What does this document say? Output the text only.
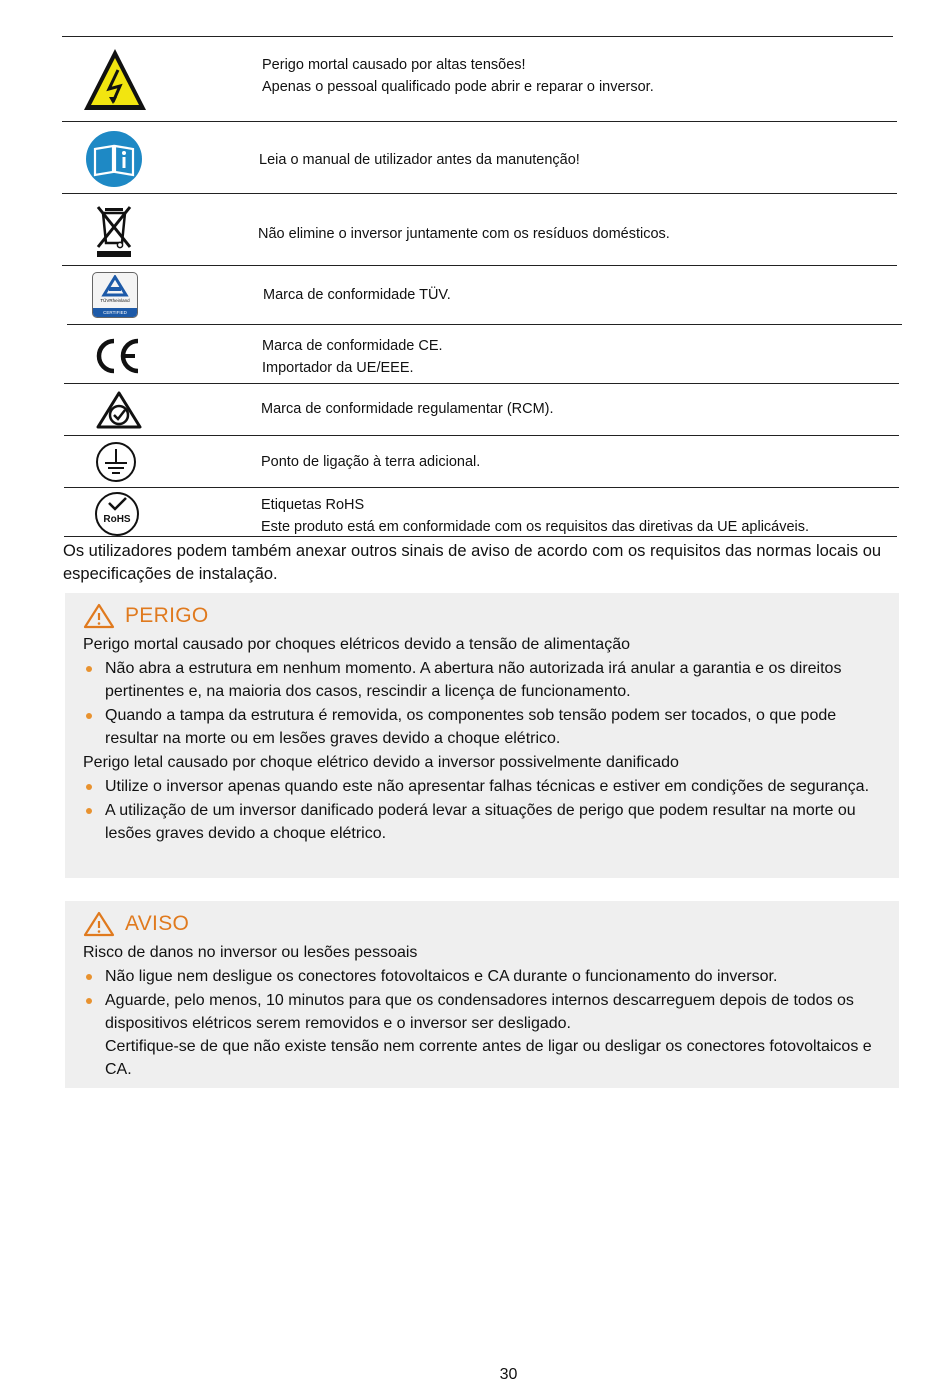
Perigo mortal causado por altas tensões!
Apenas o pessoal qualificado pode abrir e reparar o inversor.
Leia o manual de utilizador antes da manutenção!
Não elimine o inversor juntamente com os resíduos domésticos.
TÜVRheinland
CERTIFIED
Marca de conformidade TÜV.
Marca de conformidade CE.
Importador da UE/EEE.
Marca de conformidade regulamentar (RCM).
Ponto de ligação à terra adicional.
RoHS
Etiquetas RoHS
Este produto está em conformidade com os requisitos das diretivas da UE aplicáveis.
Os utilizadores podem também anexar outros sinais de aviso de acordo com os requisitos das normas locais ou especificações de instalação.
PERIGO
Perigo mortal causado por choques elétricos devido a tensão de alimentação
Não abra a estrutura em nenhum momento. A abertura não autorizada irá anular a garantia e os direitos pertinentes e, na maioria dos casos, rescindir a licença de funcionamento.
Quando a tampa da estrutura é removida, os componentes sob tensão podem ser tocados, o que pode resultar na morte ou em lesões graves devido a choque elétrico.
Perigo letal causado por choque elétrico devido a inversor possivelmente danificado
Utilize o inversor apenas quando este não apresentar falhas técnicas e estiver em condições de segurança.
A utilização de um inversor danificado poderá levar a situações de perigo que podem resultar na morte ou lesões graves devido a choque elétrico.
AVISO
Risco de danos no inversor ou lesões pessoais
Não ligue nem desligue os conectores fotovoltaicos e CA durante o funcionamento do inversor.
Aguarde, pelo menos, 10 minutos para que os condensadores internos descarreguem depois de todos os dispositivos elétricos serem removidos e o inversor ser desligado.
Certifique-se de que não existe tensão nem corrente antes de ligar ou desligar os conectores fotovoltaicos e CA.
30
